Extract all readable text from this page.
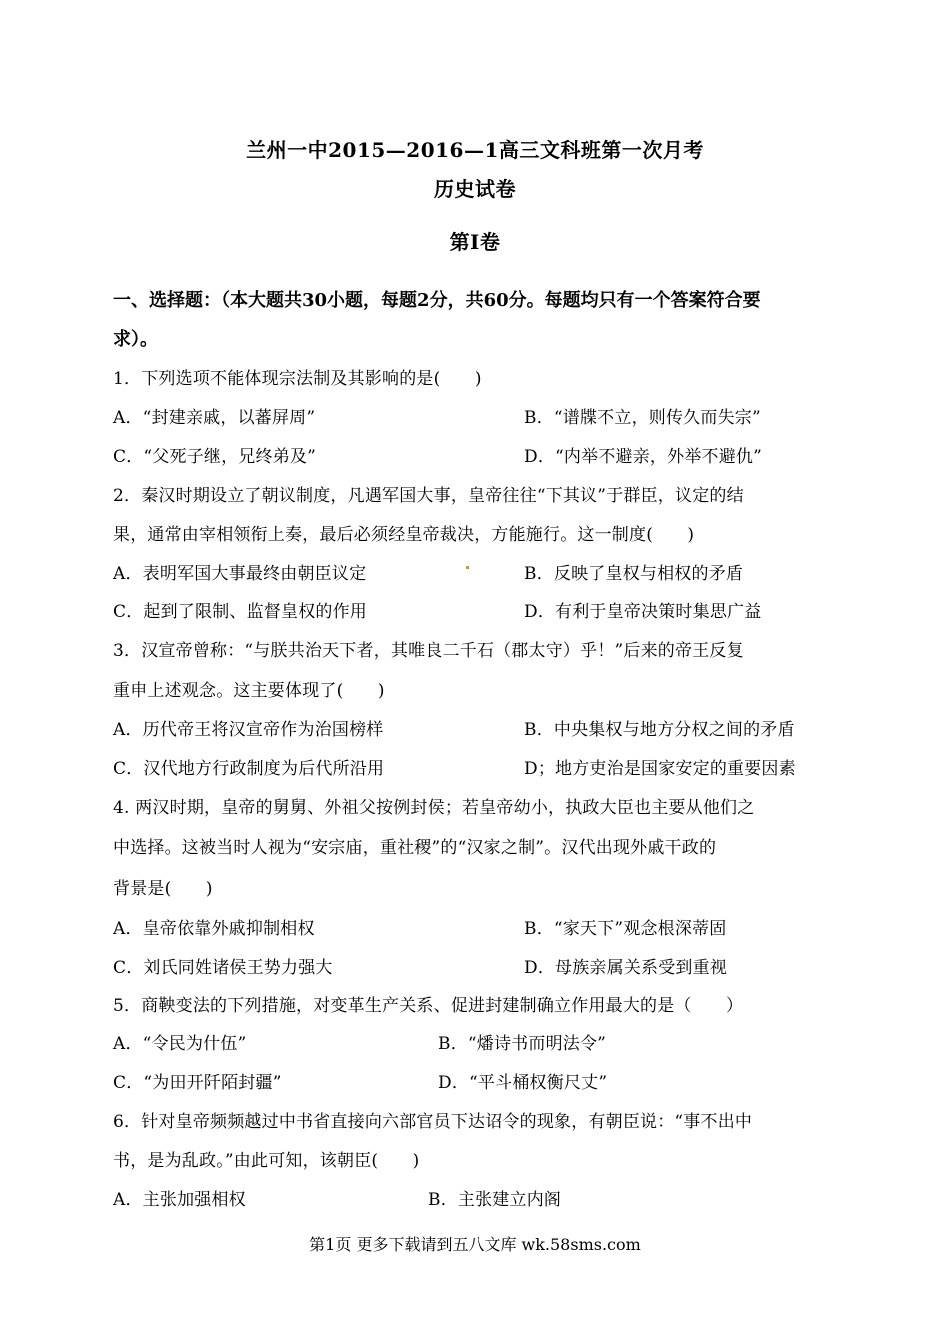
兰州一中2015—2016—1高三文科班第一次月考
历史试卷
第Ⅰ卷
一、选择题：（本大题共30小题，每题2分，共60分。每题均只有一个答案符合要
求）。
1．下列选项不能体现宗法制及其影响的是(　　)
A．“封建亲戚，以蕃屏周”	B．“谱牒不立，则传久而失宗”
C．“父死子继，兄终弟及”	D．“内举不避亲，外举不避仇”
2．秦汉时期设立了朝议制度，凡遇军国大事，皇帝往往“下其议”于群臣，议定的结
果，通常由宰相领衔上奏，最后必须经皇帝裁决，方能施行。这一制度(　　)
A．表明军国大事最终由朝臣议定	B．反映了皇权与相权的矛盾
C．起到了限制、监督皇权的作用	D．有利于皇帝决策时集思广益
3．汉宣帝曾称：“与朕共治天下者，其唯良二千石（郡太守）乎！”后来的帝王反复
重申上述观念。这主要体现了(　　)
A．历代帝王将汉宣帝作为治国榜样	B．中央集权与地方分权之间的矛盾
C．汉代地方行政制度为后代所沿用	D；地方吏治是国家安定的重要因素
4. 两汉时期，皇帝的舅舅、外祖父按例封侯；若皇帝幼小，执政大臣也主要从他们之
中选择。这被当时人视为“安宗庙，重社稷”的“汉家之制”。汉代出现外戚干政的
背景是(　　)
A．皇帝依靠外戚抑制相权	B．“家天下”观念根深蒂固
C．刘氏同姓诸侯王势力强大	D．母族亲属关系受到重视
5．商鞅变法的下列措施，对变革生产关系、促进封建制确立作用最大的是（　　）
A．“令民为什伍”	B．“燔诗书而明法令”
C．“为田开阡陌封疆”	D．“平斗桶权衡尺丈”
6．针对皇帝频频越过中书省直接向六部官员下达诏令的现象，有朝臣说：“事不出中
书，是为乱政。”由此可知，该朝臣(　　)
A．主张加强相权	B．主张建立内阁
第1页 更多下载请到五八文库 wk.58sms.com
